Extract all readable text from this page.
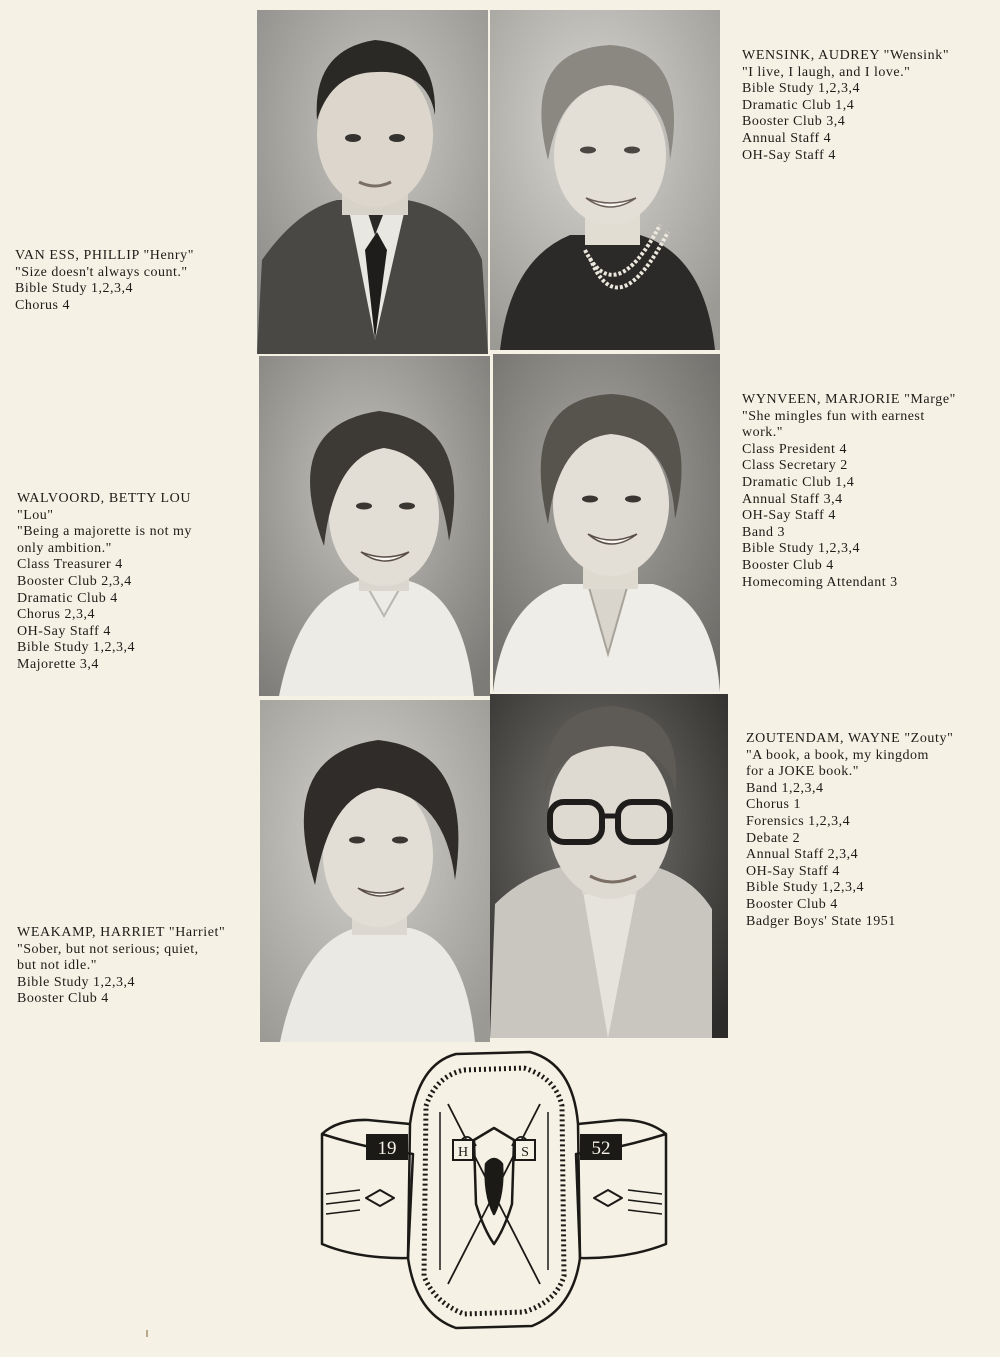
VAN ESS, PHILLIP "Henry"
"Size doesn't always count."
Bible Study 1,2,3,4
Chorus 4
WENSINK, AUDREY "Wensink"
"I live, I laugh, and I love."
Bible Study 1,2,3,4
Dramatic Club 1,4
Booster Club 3,4
Annual Staff 4
OH-Say Staff 4
WALVOORD, BETTY LOU
"Lou"
"Being a majorette is not my
only ambition."
Class Treasurer 4
Booster Club 2,3,4
Dramatic Club 4
Chorus 2,3,4
OH-Say Staff 4
Bible Study 1,2,3,4
Majorette 3,4
WYNVEEN, MARJORIE "Marge"
"She mingles fun with earnest
work."
Class President 4
Class Secretary 2
Dramatic Club 1,4
Annual Staff 3,4
OH-Say Staff 4
Band 3
Bible Study 1,2,3,4
Booster Club 4
Homecoming Attendant 3
WEAKAMP, HARRIET "Harriet"
"Sober, but not serious; quiet,
but not idle."
Bible Study 1,2,3,4
Booster Club 4
ZOUTENDAM, WAYNE "Zouty"
"A book, a book, my kingdom
for a JOKE book."
Band 1,2,3,4
Chorus 1
Forensics 1,2,3,4
Debate 2
Annual Staff 2,3,4
OH-Say Staff 4
Bible Study 1,2,3,4
Booster Club 4
Badger Boys' State 1951
19	52
H	S
